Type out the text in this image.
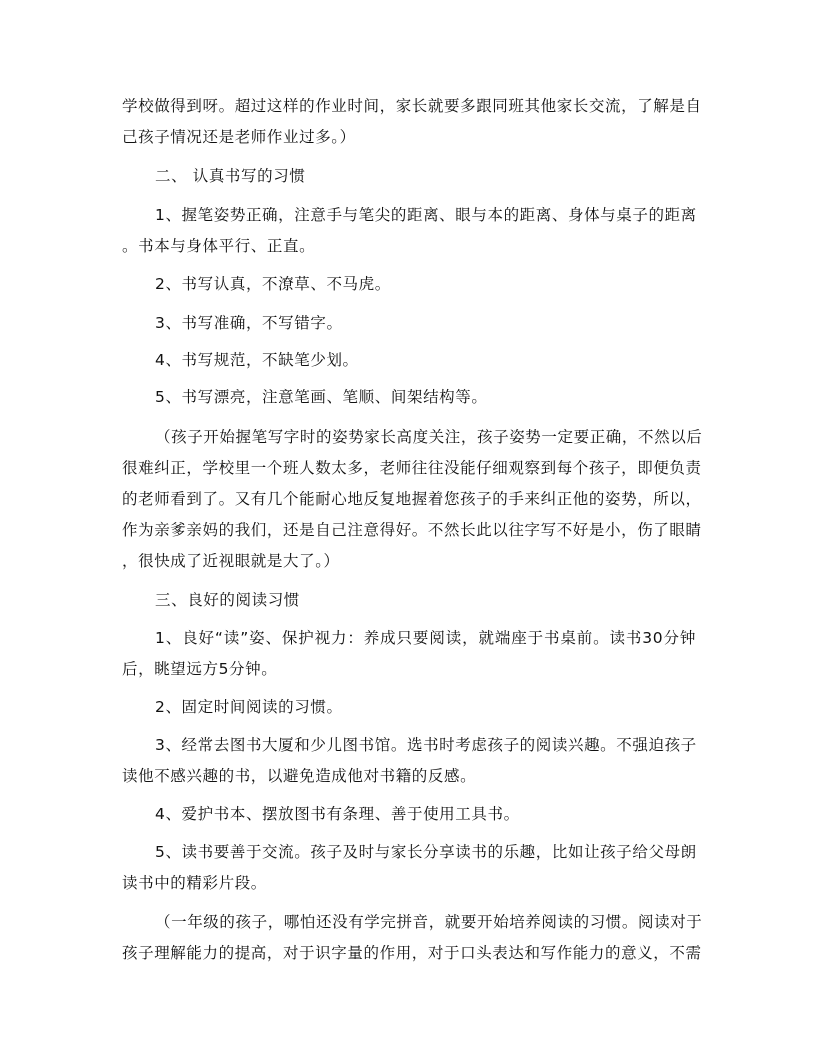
学校做得到呀。超过这样的作业时间，家长就要多跟同班其他家长交流，了解是自
己孩子情况还是老师作业过多。）
二、 认真书写的习惯
1、握笔姿势正确，注意手与笔尖的距离、眼与本的距离、身体与桌子的距离
。书本与身体平行、正直。
2、书写认真，不潦草、不马虎。
3、书写准确，不写错字。
4、书写规范，不缺笔少划。
5、书写漂亮，注意笔画、笔顺、间架结构等。
（孩子开始握笔写字时的姿势家长高度关注，孩子姿势一定要正确，不然以后
很难纠正，学校里一个班人数太多，老师往往没能仔细观察到每个孩子，即便负责
的老师看到了。又有几个能耐心地反复地握着您孩子的手来纠正他的姿势，所以，
作为亲爹亲妈的我们，还是自己注意得好。不然长此以往字写不好是小，伤了眼睛
，很快成了近视眼就是大了。）
三、良好的阅读习惯
1、良好“读”姿、保护视力：养成只要阅读，就端座于书桌前。读书30分钟
后，眺望远方5分钟。
2、固定时间阅读的习惯。
3、经常去图书大厦和少儿图书馆。选书时考虑孩子的阅读兴趣。不强迫孩子
读他不感兴趣的书，以避免造成他对书籍的反感。
4、爱护书本、摆放图书有条理、善于使用工具书。
5、读书要善于交流。孩子及时与家长分享读书的乐趣，比如让孩子给父母朗
读书中的精彩片段。
（一年级的孩子，哪怕还没有学完拼音，就要开始培养阅读的习惯。阅读对于
孩子理解能力的提高，对于识字量的作用，对于口头表达和写作能力的意义，不需
